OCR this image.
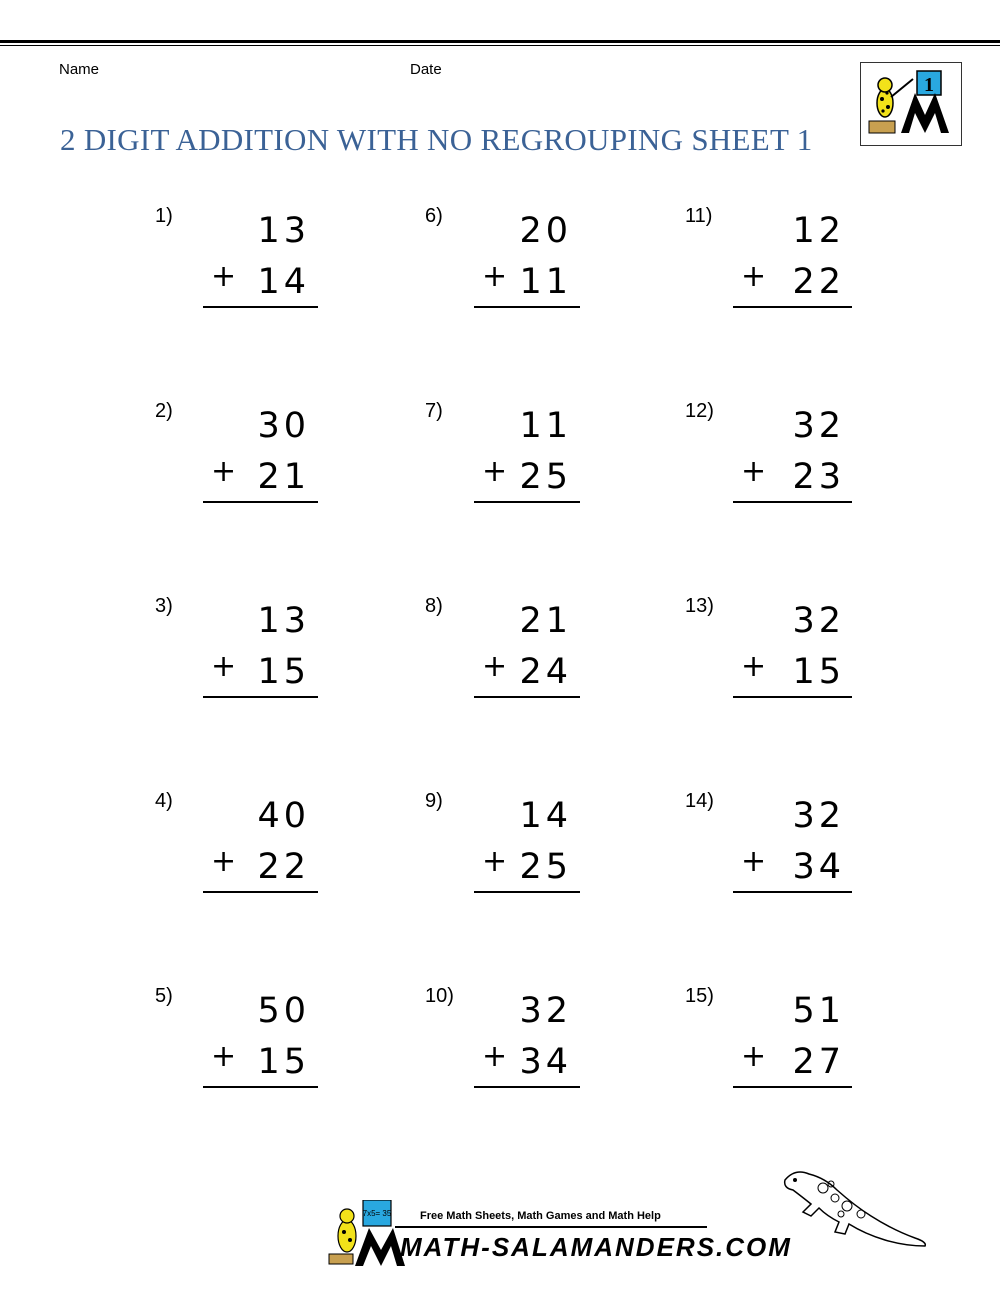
Name	Date
2 DIGIT ADDITION WITH NO REGROUPING SHEET 1
1
1) 13
+ 14
2) 30
+ 21
3) 13
+ 15
4) 40
+ 22
5) 50
+ 15
6) 20
+ 11
7) 11
+ 25
8) 21
+ 24
9) 14
+ 25
10) 32
+ 34
11) 12
+ 22
12) 32
+ 23
13) 32
+ 15
14) 32
+ 34
15) 51
+ 27
7x5= 35	Free Math Sheets, Math Games and Math Help
MATH-SALAMANDERS.COM
